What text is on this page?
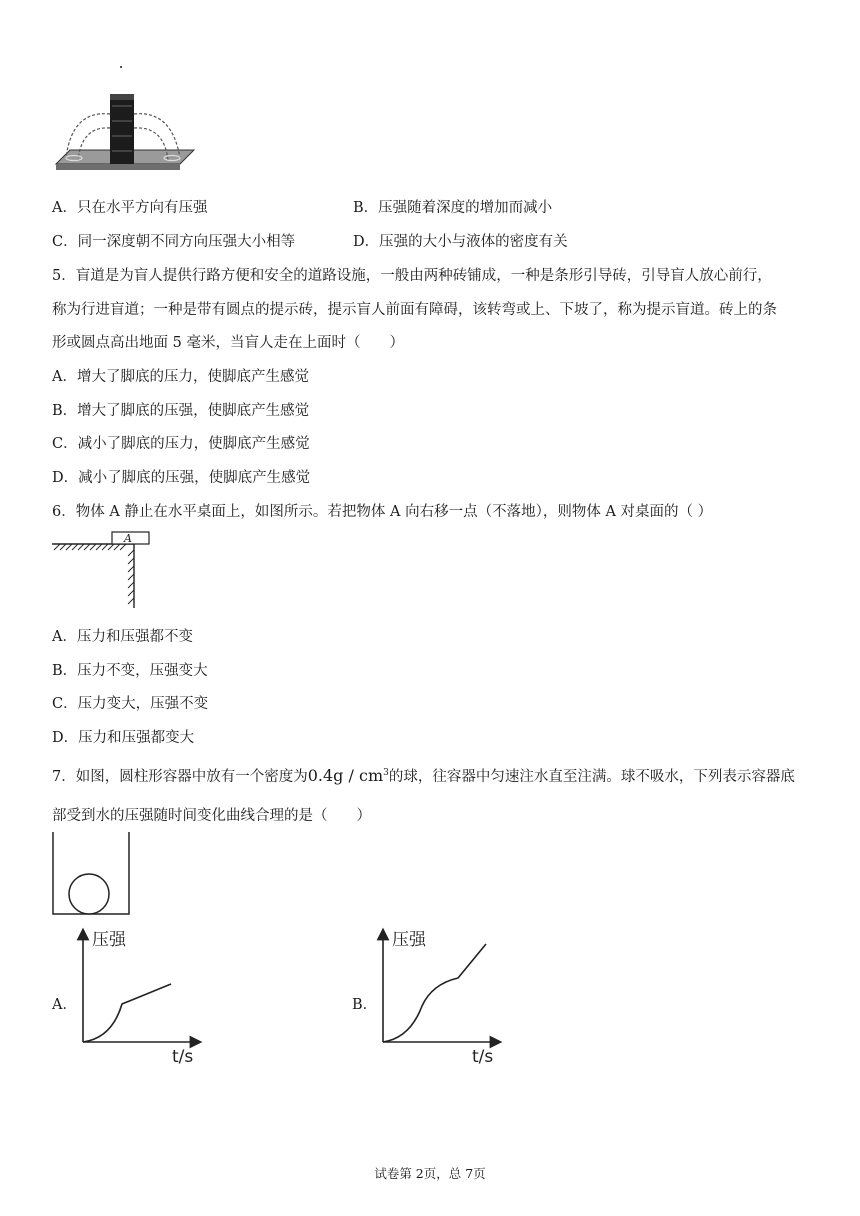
A．只在水平方向有压强	B．压强随着深度的增加而减小
C．同一深度朝不同方向压强大小相等	D．压强的大小与液体的密度有关
5．盲道是为盲人提供行路方便和安全的道路设施，一般由两种砖铺成，一种是条形引导砖，引导盲人放心前行，
称为行进盲道；一种是带有圆点的提示砖，提示盲人前面有障碍，该转弯或上、下坡了，称为提示盲道。砖上的条
形或圆点高出地面 5 毫米，当盲人走在上面时（　　）
A．增大了脚底的压力，使脚底产生感觉
B．增大了脚底的压强，使脚底产生感觉
C．减小了脚底的压力，使脚底产生感觉
D．减小了脚底的压强，使脚底产生感觉
6．物体 A 静止在水平桌面上，如图所示。若把物体 A 向右移一点（不落地），则物体 A 对桌面的（ ）
A
A．压力和压强都不变
B．压力不变，压强变大
C．压力变大，压强不变
D．压力和压强都变大
7．如图，圆柱形容器中放有一个密度为$0.4g / cm^3$的球，往容器中匀速注水直至注满。球不吸水，下列表示容器底
部受到水的压强随时间变化曲线合理的是（　　）
A．
压强
t/s
B．
压强
t/s
试卷第 2页，总 7页
